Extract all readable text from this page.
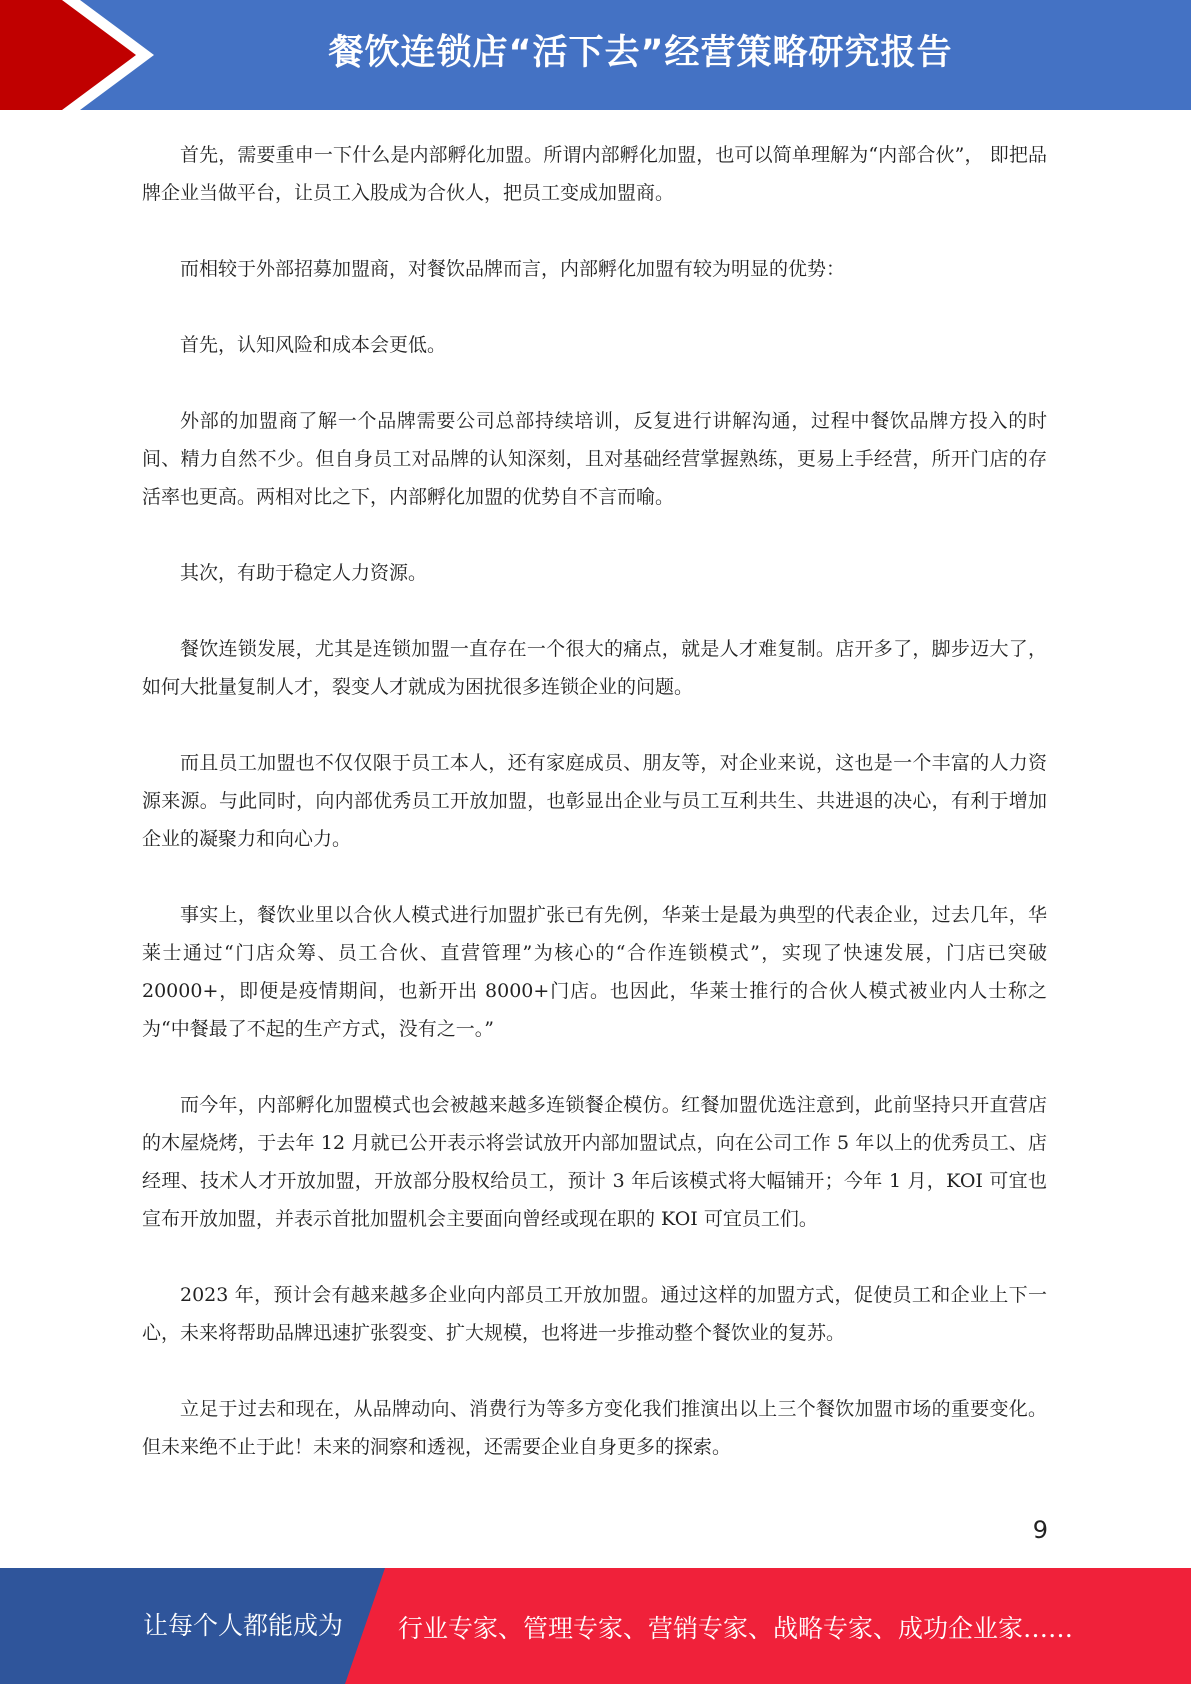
餐饮连锁店“活下去”经营策略研究报告

首先，需要重申一下什么是内部孵化加盟。所谓内部孵化加盟，也可以简单理解为“内部合伙”， 即把品牌企业当做平台，让员工入股成为合伙人，把员工变成加盟商。

而相较于外部招募加盟商，对餐饮品牌而言，内部孵化加盟有较为明显的优势：

首先，认知风险和成本会更低。

外部的加盟商了解一个品牌需要公司总部持续培训，反复进行讲解沟通，过程中餐饮品牌方投入的时间、精力自然不少。但自身员工对品牌的认知深刻，且对基础经营掌握熟练，更易上手经营，所开门店的存活率也更高。两相对比之下，内部孵化加盟的优势自不言而喻。

其次，有助于稳定人力资源。

餐饮连锁发展，尤其是连锁加盟一直存在一个很大的痛点，就是人才难复制。店开多了，脚步迈大了，如何大批量复制人才，裂变人才就成为困扰很多连锁企业的问题。

而且员工加盟也不仅仅限于员工本人，还有家庭成员、朋友等，对企业来说，这也是一个丰富的人力资源来源。与此同时，向内部优秀员工开放加盟，也彰显出企业与员工互利共生、共进退的决心，有利于增加企业的凝聚力和向心力。

事实上，餐饮业里以合伙人模式进行加盟扩张已有先例，华莱士是最为典型的代表企业，过去几年，华莱士通过“门店众筹、员工合伙、直营管理”为核心的“合作连锁模式”，实现了快速发展，门店已突破 20000+，即便是疫情期间，也新开出 8000+门店。也因此，华莱士推行的合伙人模式被业内人士称之为“中餐最了不起的生产方式，没有之一。”

而今年，内部孵化加盟模式也会被越来越多连锁餐企模仿。红餐加盟优选注意到，此前坚持只开直营店的木屋烧烤，于去年 12 月就已公开表示将尝试放开内部加盟试点，向在公司工作 5 年以上的优秀员工、店经理、技术人才开放加盟，开放部分股权给员工，预计 3 年后该模式将大幅铺开；今年 1 月，KOI 可宜也宣布开放加盟，并表示首批加盟机会主要面向曾经或现在职的 KOI 可宜员工们。

2023 年，预计会有越来越多企业向内部员工开放加盟。通过这样的加盟方式，促使员工和企业上下一心，未来将帮助品牌迅速扩张裂变、扩大规模，也将进一步推动整个餐饮业的复苏。

立足于过去和现在，从品牌动向、消费行为等多方变化我们推演出以上三个餐饮加盟市场的重要变化。但未来绝不止于此！未来的洞察和透视，还需要企业自身更多的探索。

9
让每个人都能成为 行业专家、管理专家、营销专家、战略专家、成功企业家……
